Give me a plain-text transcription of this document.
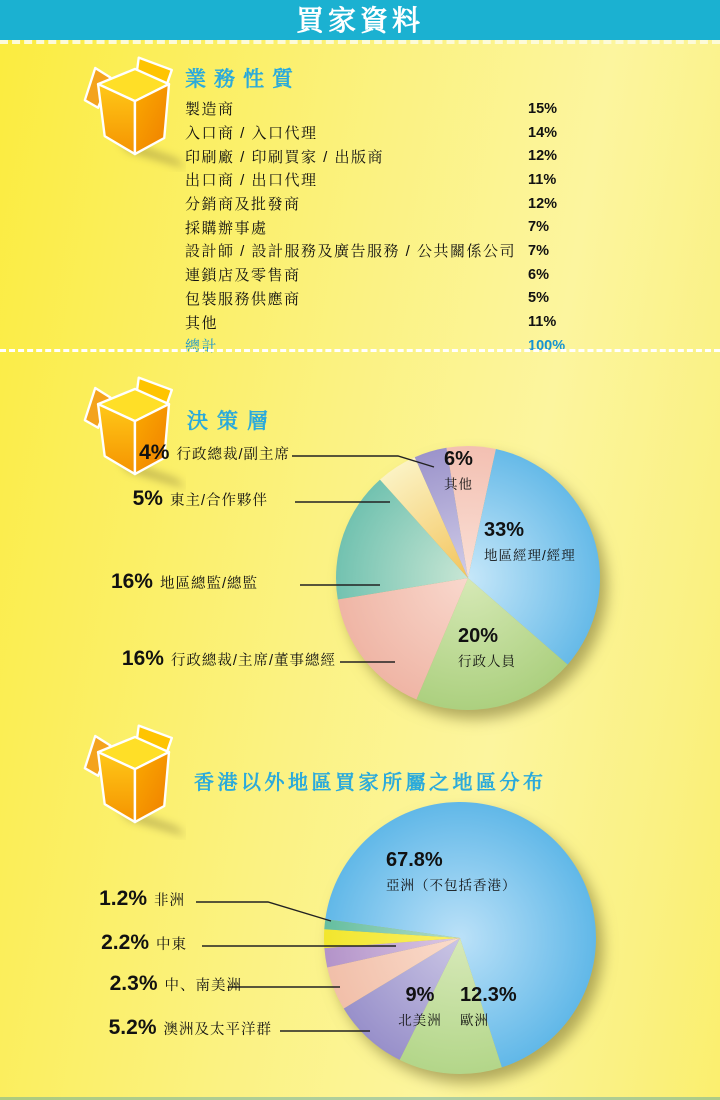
買家資料
業務性質
製造商	15%
入口商 / 入口代理	14%
印刷廠 / 印刷買家 / 出版商	12%
出口商 / 出口代理	11%
分銷商及批發商	12%
採購辦事處	7%
設計師 / 設計服務及廣告服務 / 公共關係公司 7%
連鎖店及零售商	6%
包裝服務供應商	5%
其他	11%
總計	100%
決策層
4% 行政總裁/副主席
5% 東主/合作夥伴
16% 地區總監/總監
16% 行政總裁/主席/董事總經
6%
其他
33%
地區經理/經理
20%
行政人員
香港以外地區買家所屬之地區分布
1.2% 非洲
2.2% 中東
2.3% 中、南美洲
5.2% 澳洲及太平洋群
67.8%
亞洲（不包括香港）
12.3%
歐洲
9%
北美洲
